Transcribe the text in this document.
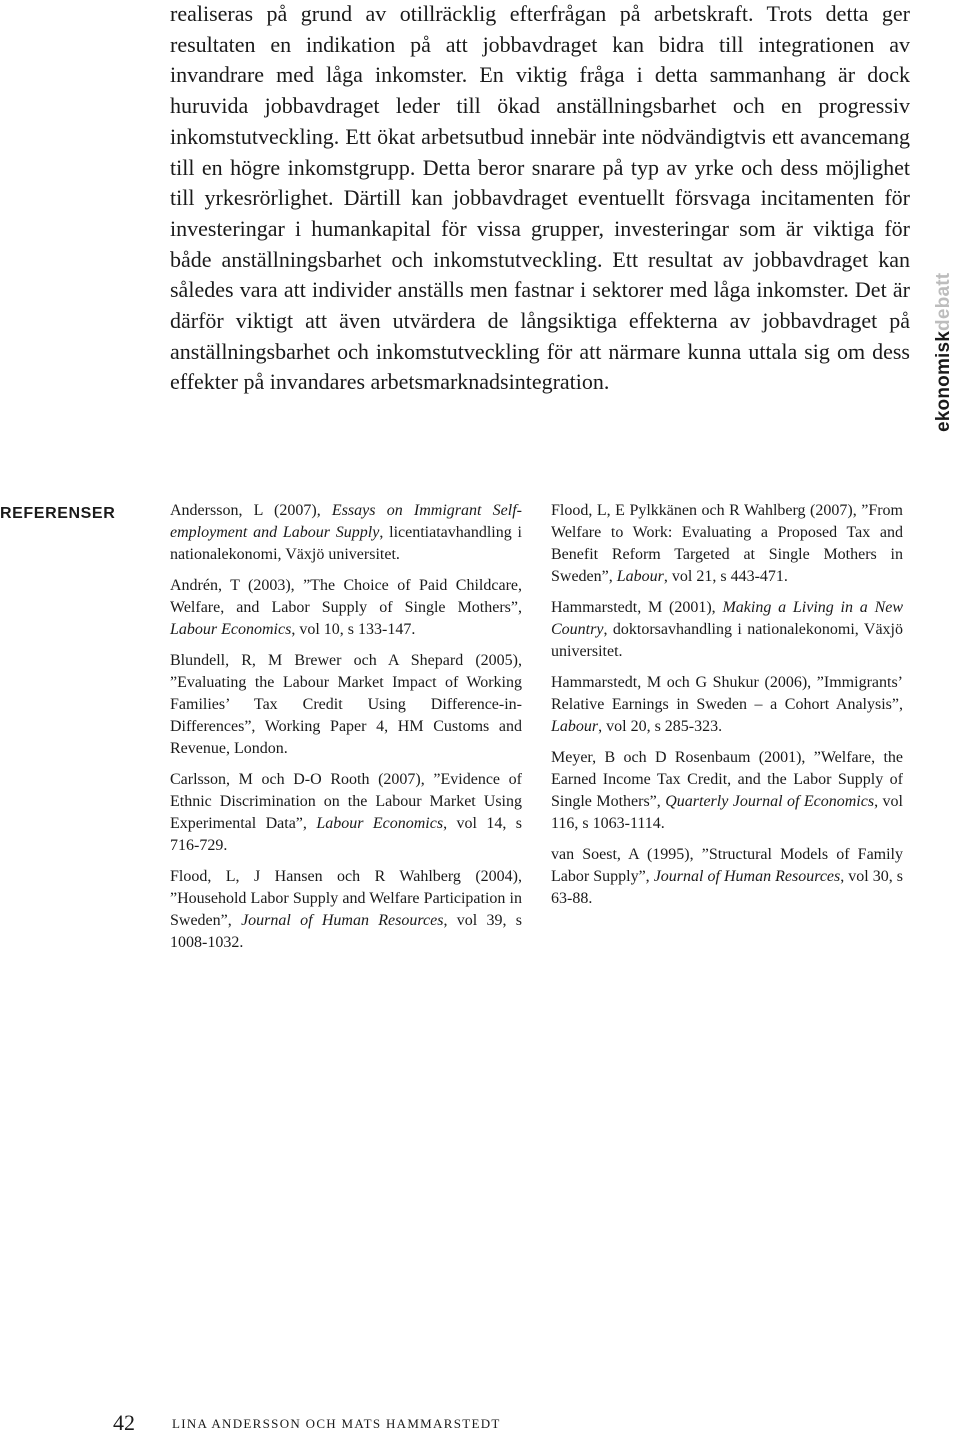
realiseras på grund av otillräcklig efterfrågan på arbetskraft. Trots detta ger resultaten en indikation på att jobbavdraget kan bidra till integrationen av invandrare med låga inkomster. En viktig fråga i detta sammanhang är dock huruvida jobbavdraget leder till ökad anställningsbarhet och en progressiv inkomstutveckling. Ett ökat arbetsutbud innebär inte nödvändigtvis ett avancemang till en högre inkomstgrupp. Detta beror snarare på typ av yrke och dess möjlighet till yrkesrörlighet. Därtill kan jobbavdraget eventuellt försvaga incitamenten för investeringar i humankapital för vissa grupper, investeringar som är viktiga för både anställningsbarhet och inkomstutveckling. Ett resultat av jobbavdraget kan således vara att individer anställs men fastnar i sektorer med låga inkomster. Det är därför viktigt att även utvärdera de långsiktiga effekterna av jobbavdraget på anställningsbarhet och inkomstutveckling för att närmare kunna uttala sig om dess effekter på invandares arbetsmarknadsintegration.	ekonomiskdebatt
REFERENSER	Andersson, L (2007), Essays on Immigrant Self-employment and Labour Supply, licentiatavhandling i nationalekonomi, Växjö universitet.
Andrén, T (2003), ”The Choice of Paid Childcare, Welfare, and Labor Supply of Single Mothers”, Labour Economics, vol 10, s 133-147.
Blundell, R, M Brewer och A Shepard (2005), ”Evaluating the Labour Market Impact of Working Families’ Tax Credit Using Difference-in-Differences”, Working Paper 4, HM Customs and Revenue, London.
Carlsson, M och D-O Rooth (2007), ”Evidence of Ethnic Discrimination on the Labour Market Using Experimental Data”, Labour Economics, vol 14, s 716-729.
Flood, L, J Hansen och R Wahlberg (2004), ”Household Labor Supply and Welfare Participation in Sweden”, Journal of Human Resources, vol 39, s 1008-1032.
Flood, L, E Pylkkänen och R Wahlberg (2007), ”From Welfare to Work: Evaluating a Proposed Tax and Benefit Reform Targeted at Single Mothers in Sweden”, Labour, vol 21, s 443-471.
Hammarstedt, M (2001), Making a Living in a New Country, doktorsavhandling i nationalekonomi, Växjö universitet.
Hammarstedt, M och G Shukur (2006), ”Immigrants’ Relative Earnings in Sweden – a Cohort Analysis”, Labour, vol 20, s 285-323.
Meyer, B och D Rosenbaum (2001), ”Welfare, the Earned Income Tax Credit, and the Labor Supply of Single Mothers”, Quarterly Journal of Economics, vol 116, s 1063-1114.
van Soest, A (1995), ”Structural Models of Family Labor Supply”, Journal of Human Resources, vol 30, s 63-88.
42	LINA ANDERSSON OCH MATS HAMMARSTEDT
